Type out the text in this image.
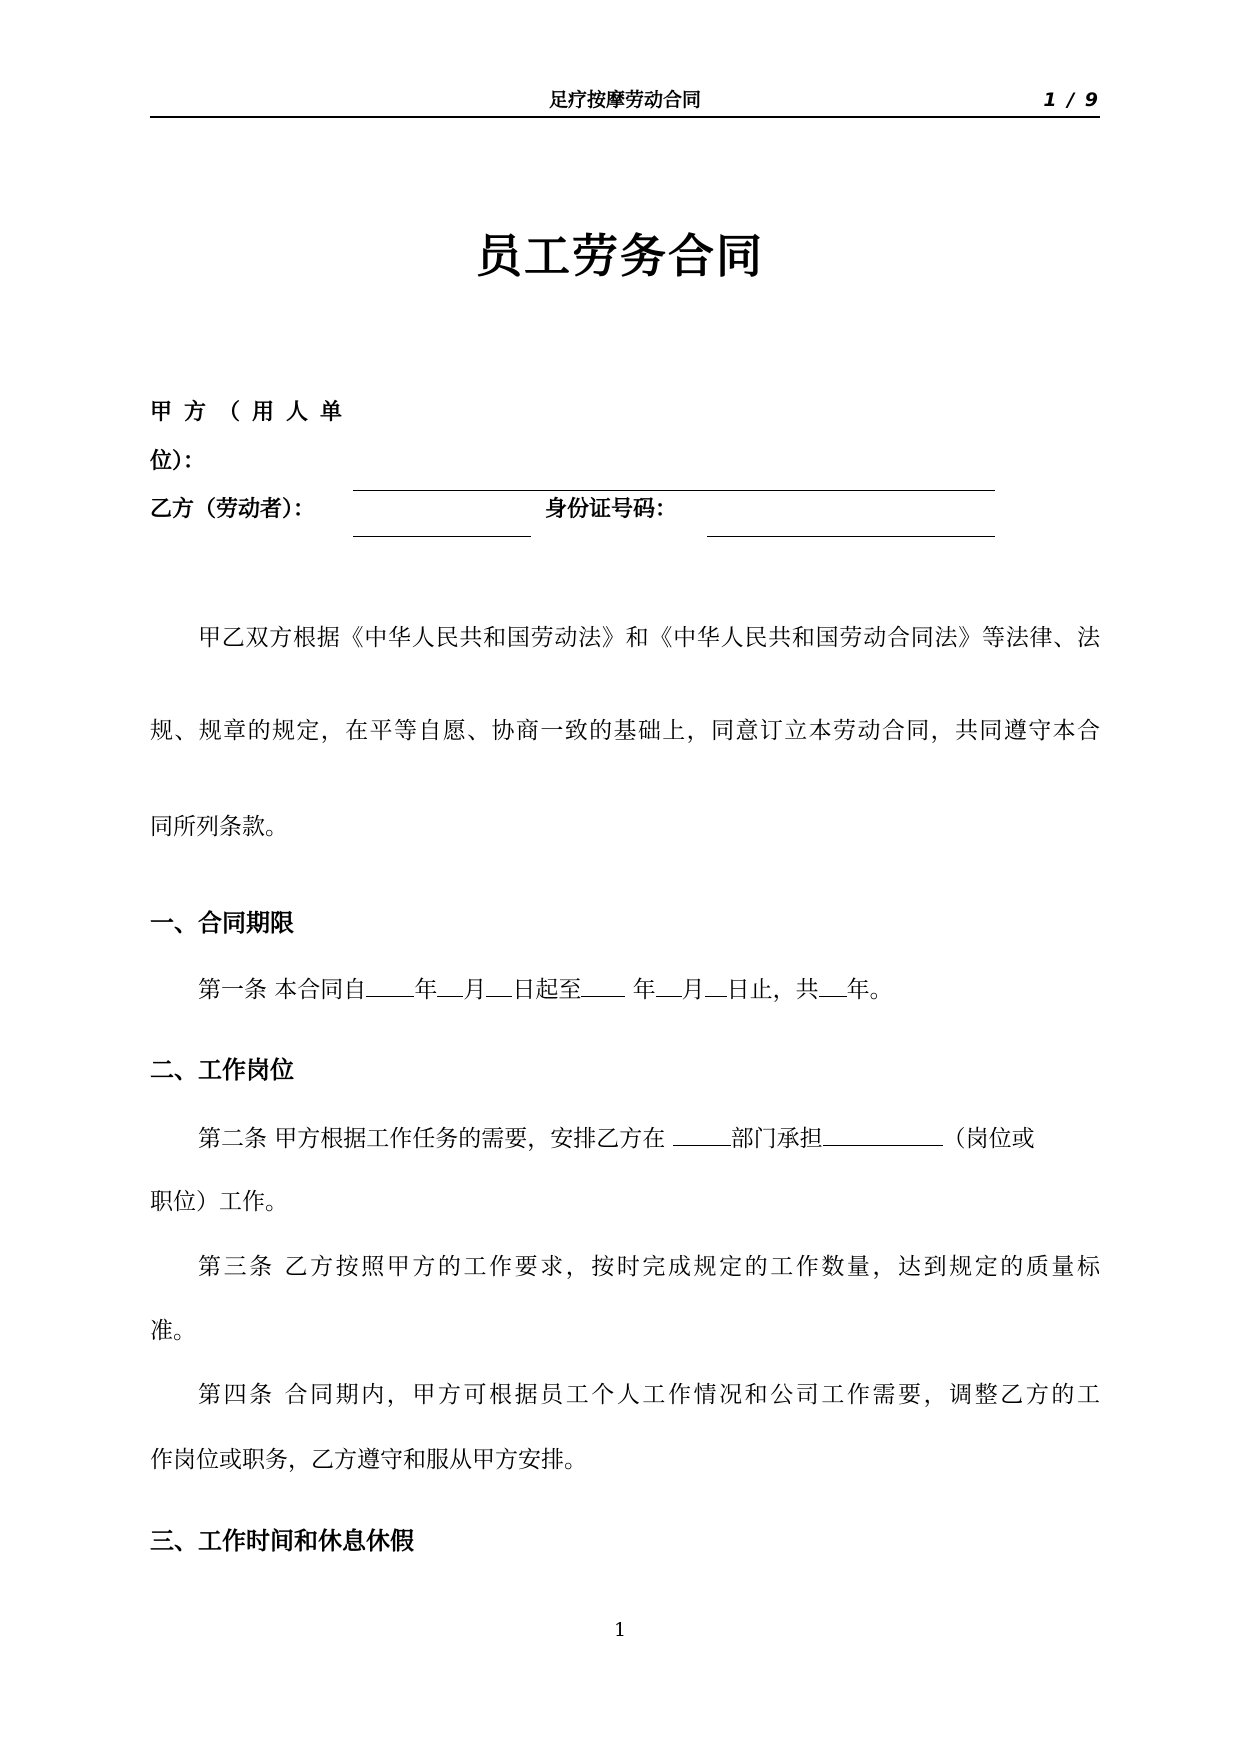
足疗按摩劳动合同	1 / 9
员工劳务合同
甲方（用人单
位）：
乙方（劳动者）：	身份证号码：
甲乙双方根据《中华人民共和国劳动法》和《中华人民共和国劳动合同法》等法律、法
规、规章的规定，在平等自愿、协商一致的基础上，同意订立本劳动合同，共同遵守本合
同所列条款。
一、合同期限
第一条 本合同自 年 月 日起至 年 月 日止，共 年。
二、工作岗位
第二条 甲方根据工作任务的需要，安排乙方在	部门承担	（岗位或
职位）工作。
第三条 乙方按照甲方的工作要求，按时完成规定的工作数量，达到规定的质量标
准。
第四条 合同期内，甲方可根据员工个人工作情况和公司工作需要，调整乙方的工
作岗位或职务，乙方遵守和服从甲方安排。
三、工作时间和休息休假
1
